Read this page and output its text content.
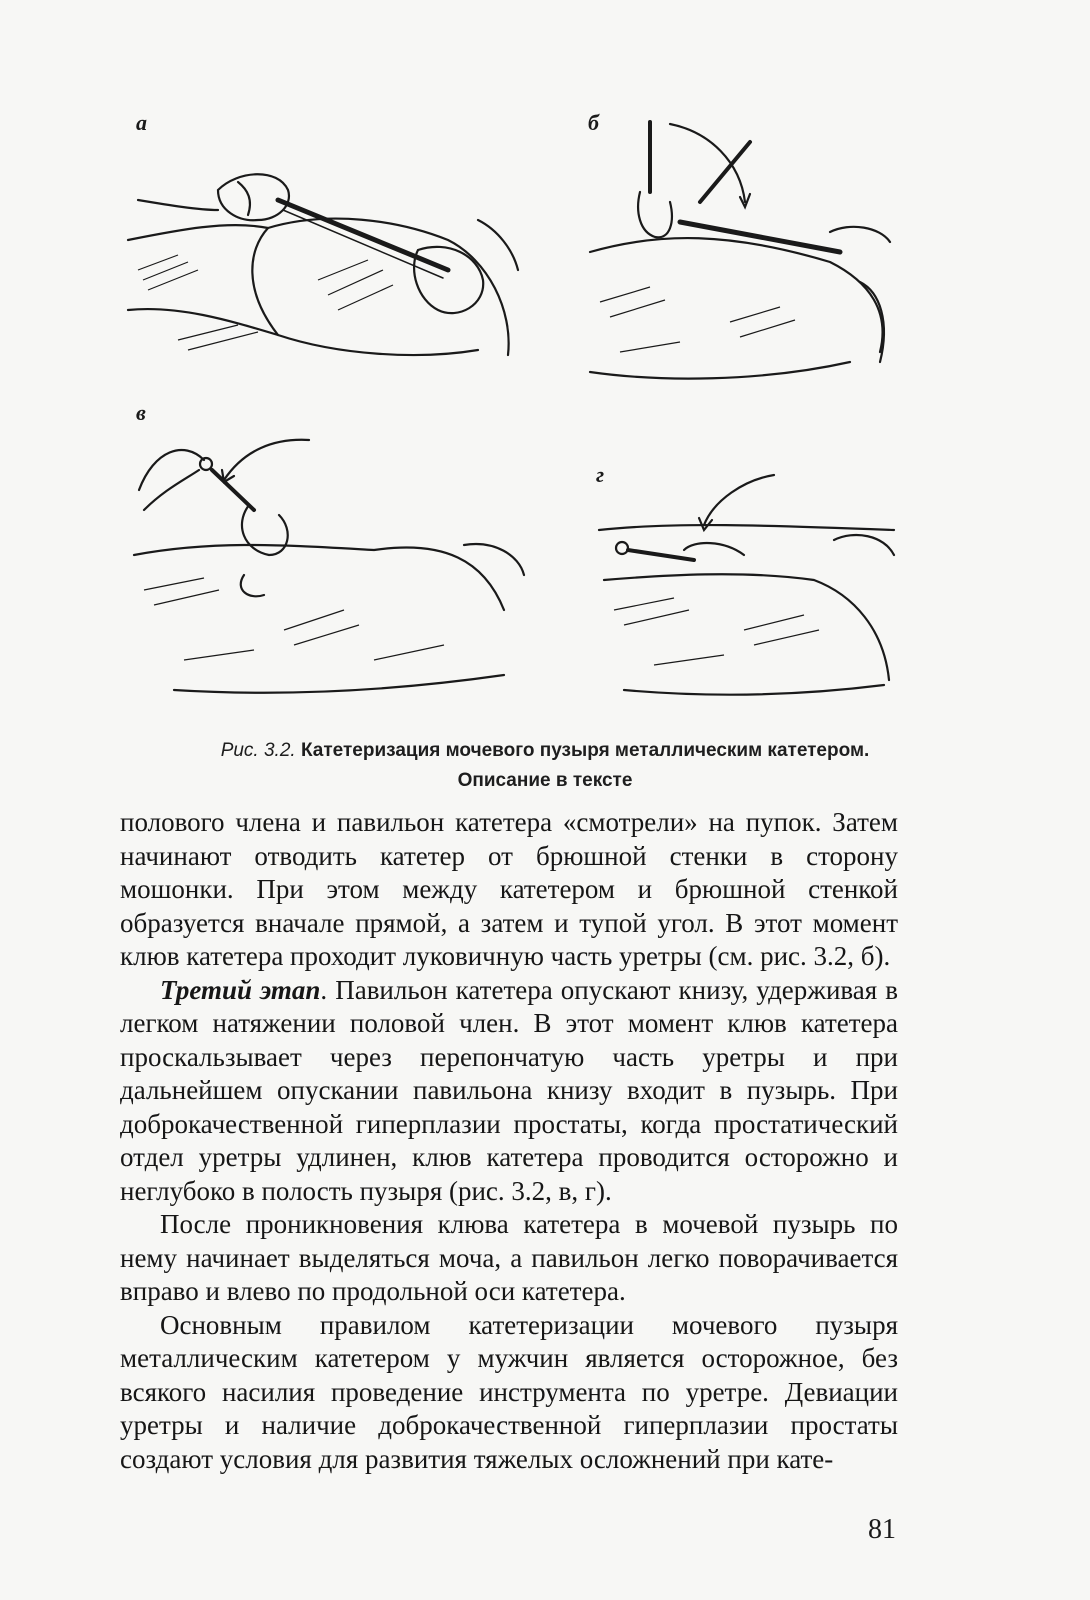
а	б
в
г
Рис. 3.2. Катетеризация мочевого пузыря металлическим катетером.
Описание в тексте

полового члена и павильон катетера «смотрели» на пупок. Затем начинают отводить катетер от брюшной стенки в сторону мошонки. При этом между катетером и брюшной стенкой образуется вначале прямой, а затем и тупой угол. В этот момент клюв катетера проходит луковичную часть уретры (см. рис. 3.2, б).

Третий этап. Павильон катетера опускают книзу, удерживая в легком натяжении половой член. В этот момент клюв катетера проскальзывает через перепончатую часть уретры и при дальнейшем опускании павильона книзу входит в пузырь. При доброкачественной гиперплазии простаты, когда простатический отдел уретры удлинен, клюв катетера проводится осторожно и неглубоко в полость пузыря (рис. 3.2, в, г).

После проникновения клюва катетера в мочевой пузырь по нему начинает выделяться моча, а павильон легко поворачивается вправо и влево по продольной оси катетера.

Основным правилом катетеризации мочевого пузыря металлическим катетером у мужчин является осторожное, без всякого насилия проведение инструмента по уретре. Девиации уретры и наличие доброкачественной гиперплазии простаты создают условия для развития тяжелых осложнений при кате-

81
